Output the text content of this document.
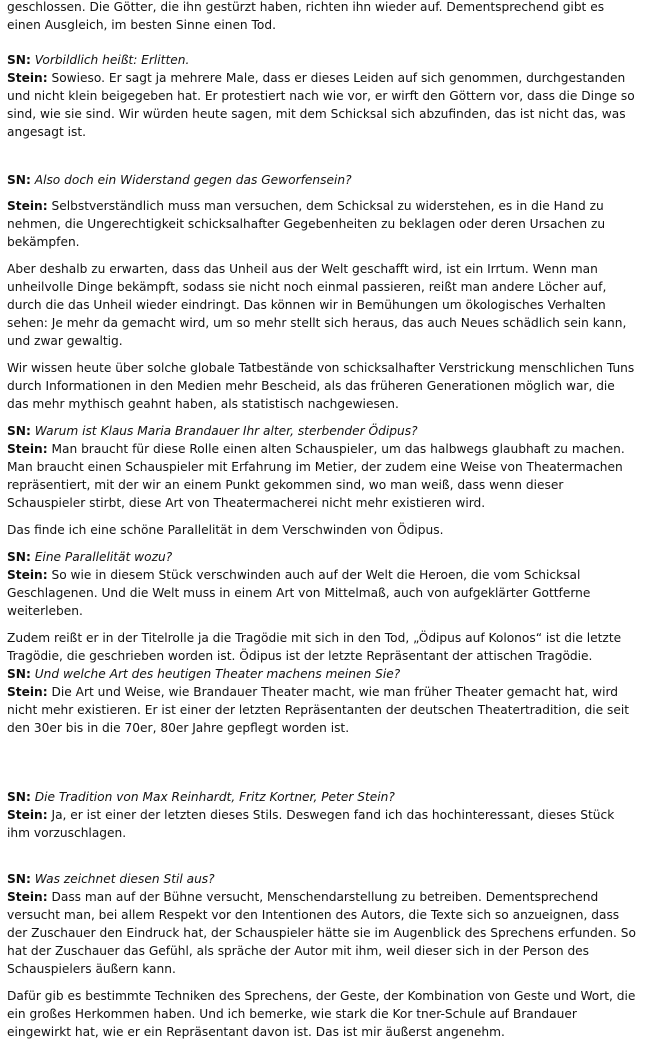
geschlossen. Die Götter, die ihn gestürzt haben, richten ihn wieder auf. Dementsprechend gibt es einen Ausgleich, im besten Sinne einen Tod.

SN: Vorbildlich heißt: Erlitten.

Stein: Sowieso. Er sagt ja mehrere Male, dass er dieses Leiden auf sich genommen, durchgestanden und nicht klein beigegeben hat. Er protestiert nach wie vor, er wirft den Göttern vor, dass die Dinge so sind, wie sie sind. Wir würden heute sagen, mit dem Schicksal sich abzufinden, das ist nicht das, was angesagt ist.

SN: Also doch ein Widerstand gegen das Geworfensein?

Stein: Selbstverständlich muss man versuchen, dem Schicksal zu widerstehen, es in die Hand zu nehmen, die Ungerechtigkeit schicksalhafter Gegebenheiten zu beklagen oder deren Ursachen zu bekämpfen.

Aber deshalb zu erwarten, dass das Unheil aus der Welt geschafft wird, ist ein Irrtum. Wenn man unheilvolle Dinge bekämpft, sodass sie nicht noch einmal passieren, reißt man andere Löcher auf, durch die das Unheil wieder eindringt. Das können wir in Bemühungen um ökologisches Verhalten sehen: Je mehr da gemacht wird, um so mehr stellt sich heraus, das auch Neues schädlich sein kann, und zwar gewaltig.

Wir wissen heute über solche globale Tatbestände von schicksalhafter Verstrickung menschlichen Tuns durch Informationen in den Medien mehr Bescheid, als das früheren Generationen möglich war, die das mehr mythisch geahnt haben, als statistisch nachgewiesen.

SN: Warum ist Klaus Maria Brandauer Ihr alter, sterbender Ödipus?

Stein: Man braucht für diese Rolle einen alten Schauspieler, um das halbwegs glaubhaft zu machen. Man braucht einen Schauspieler mit Erfahrung im Metier, der zudem eine Weise von Theatermachen repräsentiert, mit der wir an einem Punkt gekommen sind, wo man weiß, dass wenn dieser Schauspieler stirbt, diese Art von Theatermacherei nicht mehr existieren wird.

Das finde ich eine schöne Parallelität in dem Verschwinden von Ödipus.

SN: Eine Parallelität wozu?

Stein: So wie in diesem Stück verschwinden auch auf der Welt die Heroen, die vom Schicksal Geschlagenen. Und die Welt muss in einem Art von Mittelmaß, auch von aufgeklärter Gottferne weiterleben.

Zudem reißt er in der Titelrolle ja die Tragödie mit sich in den Tod, „Ödipus auf Kolonos“ ist die letzte Tragödie, die geschrieben worden ist. Ödipus ist der letzte Repräsentant der attischen Tragödie.

SN: Und welche Art des heutigen Theater machens meinen Sie?

Stein: Die Art und Weise, wie Brandauer Theater macht, wie man früher Theater gemacht hat, wird nicht mehr existieren. Er ist einer der letzten Repräsentanten der deutschen Theatertradition, die seit den 30er bis in die 70er, 80er Jahre gepflegt worden ist.

SN: Die Tradition von Max Reinhardt, Fritz Kortner, Peter Stein?

Stein: Ja, er ist einer der letzten dieses Stils. Deswegen fand ich das hochinteressant, dieses Stück ihm vorzuschlagen.

SN: Was zeichnet diesen Stil aus?

Stein: Dass man auf der Bühne versucht, Menschendarstellung zu betreiben. Dementsprechend versucht man, bei allem Respekt vor den Intentionen des Autors, die Texte sich so anzueignen, dass der Zuschauer den Eindruck hat, der Schauspieler hätte sie im Augenblick des Sprechens erfunden. So hat der Zuschauer das Gefühl, als spräche der Autor mit ihm, weil dieser sich in der Person des Schauspielers äußern kann.

Dafür gib es bestimmte Techniken des Sprechens, der Geste, der Kombination von Geste und Wort, die ein großes Herkommen haben. Und ich bemerke, wie stark die Kor tner-Schule auf Brandauer eingewirkt hat, wie er ein Repräsentant davon ist. Das ist mir äußerst angenehm.
